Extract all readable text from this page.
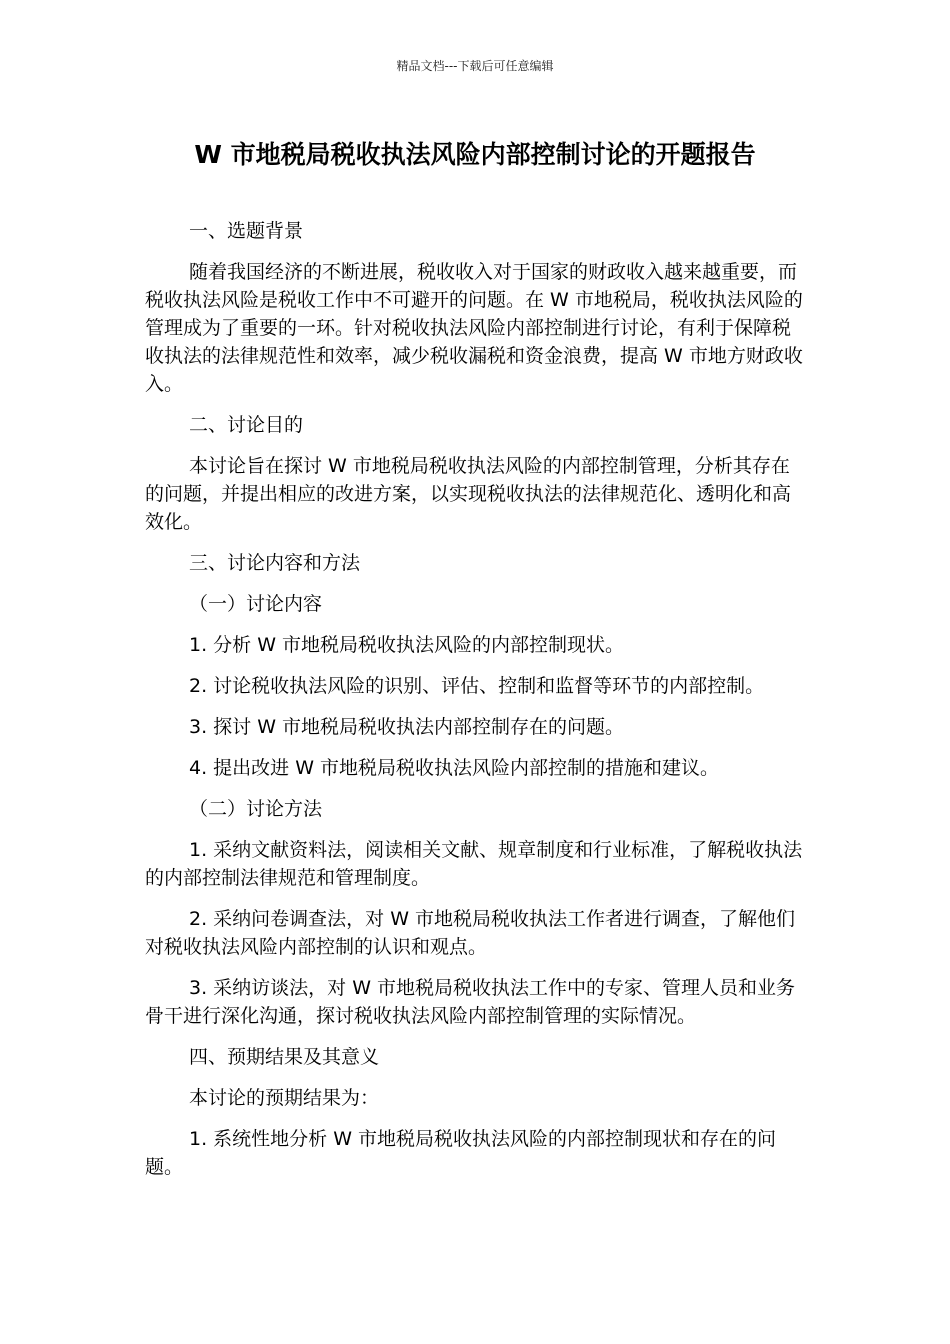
精品文档---下载后可任意编辑
W 市地税局税收执法风险内部控制讨论的开题报告

一、选题背景

随着我国经济的不断进展，税收收入对于国家的财政收入越来越重要，而税收执法风险是税收工作中不可避开的问题。在 W 市地税局，税收执法风险的管理成为了重要的一环。针对税收执法风险内部控制进行讨论，有利于保障税收执法的法律规范性和效率，减少税收漏税和资金浪费，提高 W 市地方财政收入。

二、讨论目的

本讨论旨在探讨 W 市地税局税收执法风险的内部控制管理，分析其存在的问题，并提出相应的改进方案，以实现税收执法的法律规范化、透明化和高效化。

三、讨论内容和方法

（一）讨论内容

1. 分析 W 市地税局税收执法风险的内部控制现状。

2. 讨论税收执法风险的识别、评估、控制和监督等环节的内部控制。

3. 探讨 W 市地税局税收执法内部控制存在的问题。

4. 提出改进 W 市地税局税收执法风险内部控制的措施和建议。

（二）讨论方法

1. 采纳文献资料法，阅读相关文献、规章制度和行业标准，了解税收执法的内部控制法律规范和管理制度。

2. 采纳问卷调查法，对 W 市地税局税收执法工作者进行调查，了解他们对税收执法风险内部控制的认识和观点。

3. 采纳访谈法，对 W 市地税局税收执法工作中的专家、管理人员和业务骨干进行深化沟通，探讨税收执法风险内部控制管理的实际情况。

四、预期结果及其意义

本讨论的预期结果为：

1. 系统性地分析 W 市地税局税收执法风险的内部控制现状和存在的问题。
